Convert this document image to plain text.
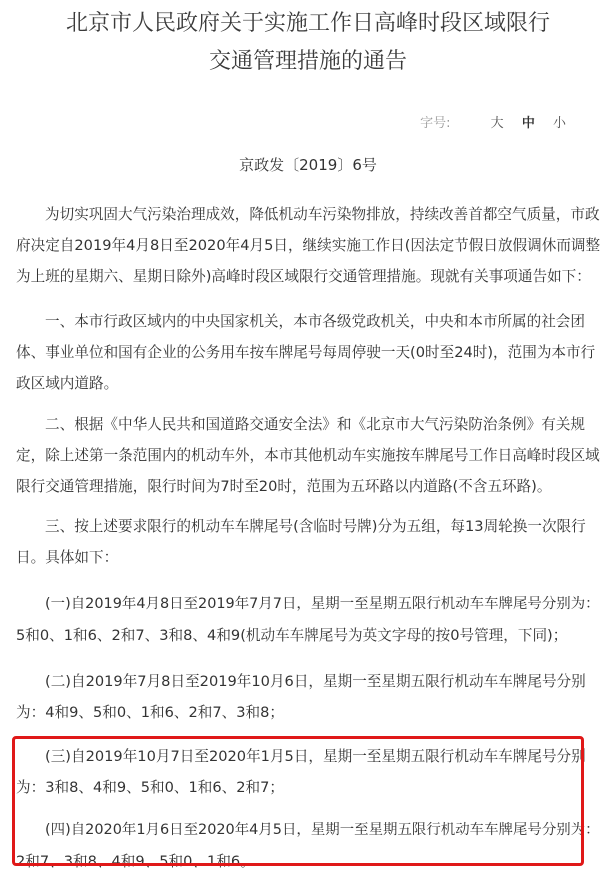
北京市人民政府关于实施工作日高峰时段区域限行
交通管理措施的通告
字号:	大 中 小
京政发〔2019〕6号
为切实巩固大气污染治理成效，降低机动车污染物排放，持续改善首都空气质量，市政
府决定自2019年4月8日至2020年4月5日，继续实施工作日(因法定节假日放假调休而调整
为上班的星期六、星期日除外)高峰时段区域限行交通管理措施。现就有关事项通告如下：
一、本市行政区域内的中央国家机关，本市各级党政机关，中央和本市所属的社会团
体、事业单位和国有企业的公务用车按车牌尾号每周停驶一天(0时至24时)，范围为本市行
政区域内道路。
二、根据《中华人民共和国道路交通安全法》和《北京市大气污染防治条例》有关规
定，除上述第一条范围内的机动车外，本市其他机动车实施按车牌尾号工作日高峰时段区域
限行交通管理措施，限行时间为7时至20时，范围为五环路以内道路(不含五环路)。
三、按上述要求限行的机动车车牌尾号(含临时号牌)分为五组，每13周轮换一次限行
日。具体如下：
(一)自2019年4月8日至2019年7月7日，星期一至星期五限行机动车车牌尾号分别为：
5和0、1和6、2和7、3和8、4和9(机动车车牌尾号为英文字母的按0号管理，下同)；
(二)自2019年7月8日至2019年10月6日，星期一至星期五限行机动车车牌尾号分别
为：4和9、5和0、1和6、2和7、3和8；
(三)自2019年10月7日至2020年1月5日，星期一至星期五限行机动车车牌尾号分别
为：3和8、4和9、5和0、1和6、2和7；
(四)自2020年1月6日至2020年4月5日，星期一至星期五限行机动车车牌尾号分别为：
2和7、3和8、4和9、5和0、1和6。
